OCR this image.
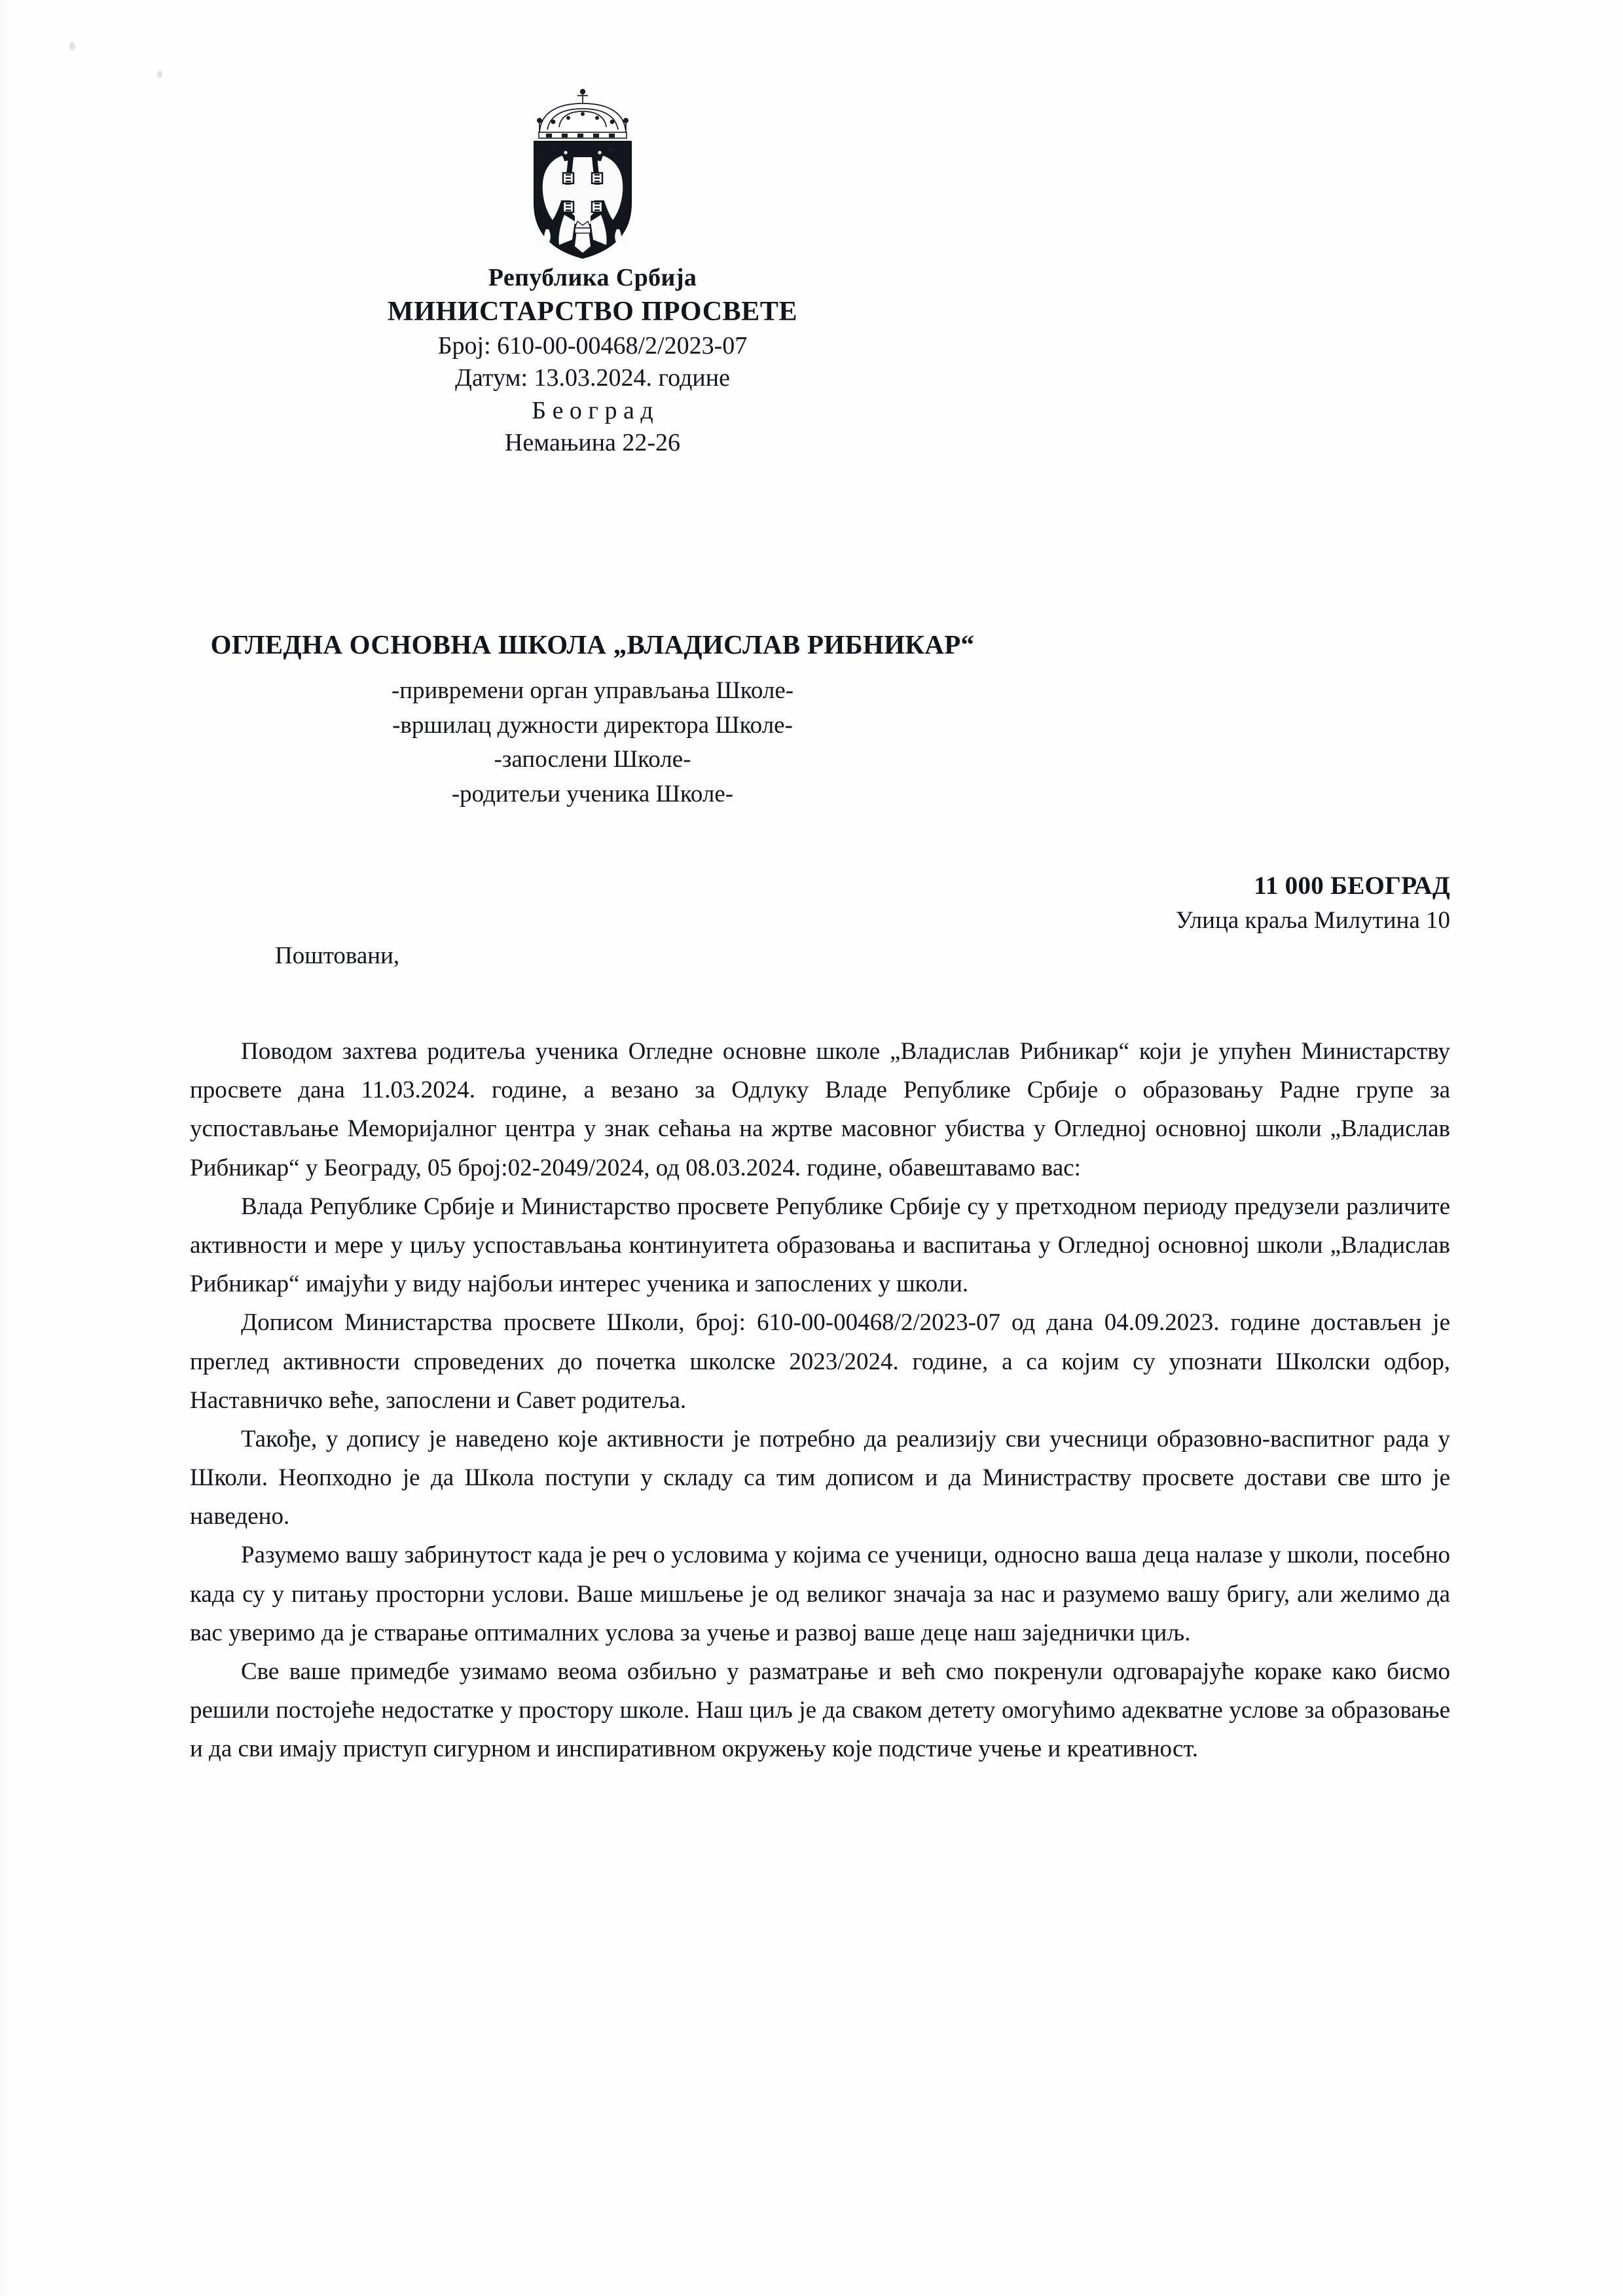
Република Србија
МИНИСТАРСТВО ПРОСВЕТЕ
Број: 610-00-00468/2/2023-07
Датум: 13.03.2024. године
Б е о г р а д
Немањина 22-26
ОГЛЕДНА ОСНОВНА ШКОЛА „ВЛАДИСЛАВ РИБНИКАР“
-привремени орган управљања Школе-
-вршилац дужности директора Школе-
-запослени Школе-
-родитељи ученика Школе-
11 000 БЕОГРАД
Улица краља Милутина 10
Поштовани,

Поводом захтева родитеља ученика Огледне основне школе „Владислав Рибникар“ који је упућен Министарству просвете дана 11.03.2024. године, а везано за Одлуку Владе Републике Србије о образовању Радне групе за успостављање Меморијалног центра у знак сећања на жртве масовног убиства у Огледној основној школи „Владислав Рибникар“ у Београду, 05 број:02-2049/2024, од 08.03.2024. године, обавештавамо вас:

Влада Републике Србије и Министарство просвете Републике Србије су у претходном периоду предузели различите активности и мере у циљу успостављања континуитета образовања и васпитања у Огледној основној школи „Владислав Рибникар“ имајући у виду најбољи интерес ученика и запослених у школи.

Дописом Министарства просвете Школи, број: 610-00-00468/2/2023-07 од дана 04.09.2023. године достављен је преглед активности спроведених до почетка школске 2023/2024. године, а са којим су упознати Школски одбор, Наставничко веће, запослени и Савет родитеља.

Такође, у допису је наведено које активности је потребно да реализију сви учесници образовно-васпитног рада у Школи. Неопходно је да Школа поступи у складу са тим дописом и да Министраству просвете достави све што је наведено.

Разумемо вашу забринутост када је реч о условима у којима се ученици, односно ваша деца налазе у школи, посебно када су у питању просторни услови. Ваше мишљење је од великог значаја за нас и разумемо вашу бригу, али желимо да вас уверимо да је стварање оптималних услова за учење и развој ваше деце наш заједнички циљ.

Све ваше примедбе узимамо веома озбиљно у разматрање и већ смо покренули одговарајуће кораке како бисмо решили постојеће недостатке у простору школе. Наш циљ је да сваком детету омогућимо адекватне услове за образовање и да сви имају приступ сигурном и инспиративном окружењу које подстиче учење и креативност.
